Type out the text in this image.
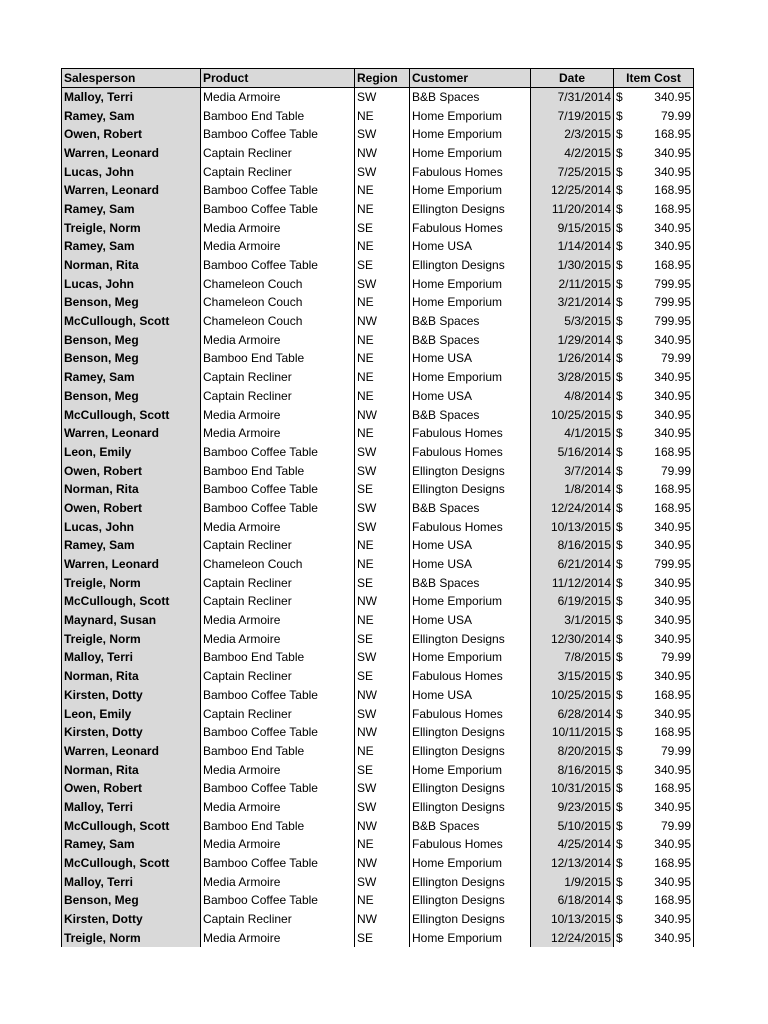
Salesperson	Product	Region	Customer	Date	Item Cost
Malloy, Terri	Media Armoire	SW	B&B Spaces	7/31/2014	$ 340.95

Ramey, Sam	Bamboo End Table	NE	Home Emporium	7/19/2015	$ 79.99

Owen, Robert	Bamboo Coffee Table	SW	Home Emporium	2/3/2015	$ 168.95

Warren, Leonard	Captain Recliner	NW	Home Emporium	4/2/2015	$ 340.95

Lucas, John	Captain Recliner	SW	Fabulous Homes	7/25/2015	$ 340.95

Warren, Leonard	Bamboo Coffee Table	NE	Home Emporium	12/25/2014	$ 168.95

Ramey, Sam	Bamboo Coffee Table	NE	Ellington Designs	11/20/2014	$ 168.95

Treigle, Norm	Media Armoire	SE	Fabulous Homes	9/15/2015	$ 340.95

Ramey, Sam	Media Armoire	NE	Home USA	1/14/2014	$ 340.95

Norman, Rita	Bamboo Coffee Table	SE	Ellington Designs	1/30/2015	$ 168.95

Lucas, John	Chameleon Couch	SW	Home Emporium	2/11/2015	$ 799.95

Benson, Meg	Chameleon Couch	NE	Home Emporium	3/21/2014	$ 799.95

McCullough, Scott	Chameleon Couch	NW	B&B Spaces	5/3/2015	$ 799.95

Benson, Meg	Media Armoire	NE	B&B Spaces	1/29/2014	$ 340.95

Benson, Meg	Bamboo End Table	NE	Home USA	1/26/2014	$ 79.99

Ramey, Sam	Captain Recliner	NE	Home Emporium	3/28/2015	$ 340.95

Benson, Meg	Captain Recliner	NE	Home USA	4/8/2014	$ 340.95

McCullough, Scott	Media Armoire	NW	B&B Spaces	10/25/2015	$ 340.95

Warren, Leonard	Media Armoire	NE	Fabulous Homes	4/1/2015	$ 340.95

Leon, Emily	Bamboo Coffee Table	SW	Fabulous Homes	5/16/2014	$ 168.95

Owen, Robert	Bamboo End Table	SW	Ellington Designs	3/7/2014	$ 79.99

Norman, Rita	Bamboo Coffee Table	SE	Ellington Designs	1/8/2014	$ 168.95

Owen, Robert	Bamboo Coffee Table	SW	B&B Spaces	12/24/2014	$ 168.95

Lucas, John	Media Armoire	SW	Fabulous Homes	10/13/2015	$ 340.95

Ramey, Sam	Captain Recliner	NE	Home USA	8/16/2015	$ 340.95

Warren, Leonard	Chameleon Couch	NE	Home USA	6/21/2014	$ 799.95

Treigle, Norm	Captain Recliner	SE	B&B Spaces	11/12/2014	$ 340.95

McCullough, Scott	Captain Recliner	NW	Home Emporium	6/19/2015	$ 340.95

Maynard, Susan	Media Armoire	NE	Home USA	3/1/2015	$ 340.95

Treigle, Norm	Media Armoire	SE	Ellington Designs	12/30/2014	$ 340.95

Malloy, Terri	Bamboo End Table	SW	Home Emporium	7/8/2015	$ 79.99

Norman, Rita	Captain Recliner	SE	Fabulous Homes	3/15/2015	$ 340.95

Kirsten, Dotty	Bamboo Coffee Table	NW	Home USA	10/25/2015	$ 168.95

Leon, Emily	Captain Recliner	SW	Fabulous Homes	6/28/2014	$ 340.95

Kirsten, Dotty	Bamboo Coffee Table	NW	Ellington Designs	10/11/2015	$ 168.95

Warren, Leonard	Bamboo End Table	NE	Ellington Designs	8/20/2015	$ 79.99

Norman, Rita	Media Armoire	SE	Home Emporium	8/16/2015	$ 340.95

Owen, Robert	Bamboo Coffee Table	SW	Ellington Designs	10/31/2015	$ 168.95

Malloy, Terri	Media Armoire	SW	Ellington Designs	9/23/2015	$ 340.95

McCullough, Scott	Bamboo End Table	NW	B&B Spaces	5/10/2015	$ 79.99

Ramey, Sam	Media Armoire	NE	Fabulous Homes	4/25/2014	$ 340.95

McCullough, Scott	Bamboo Coffee Table	NW	Home Emporium	12/13/2014	$ 168.95

Malloy, Terri	Media Armoire	SW	Ellington Designs	1/9/2015	$ 340.95

Benson, Meg	Bamboo Coffee Table	NE	Ellington Designs	6/18/2014	$ 168.95

Kirsten, Dotty	Captain Recliner	NW	Ellington Designs	10/13/2015	$ 340.95

Treigle, Norm	Media Armoire	SE	Home Emporium	12/24/2015	$ 340.95
